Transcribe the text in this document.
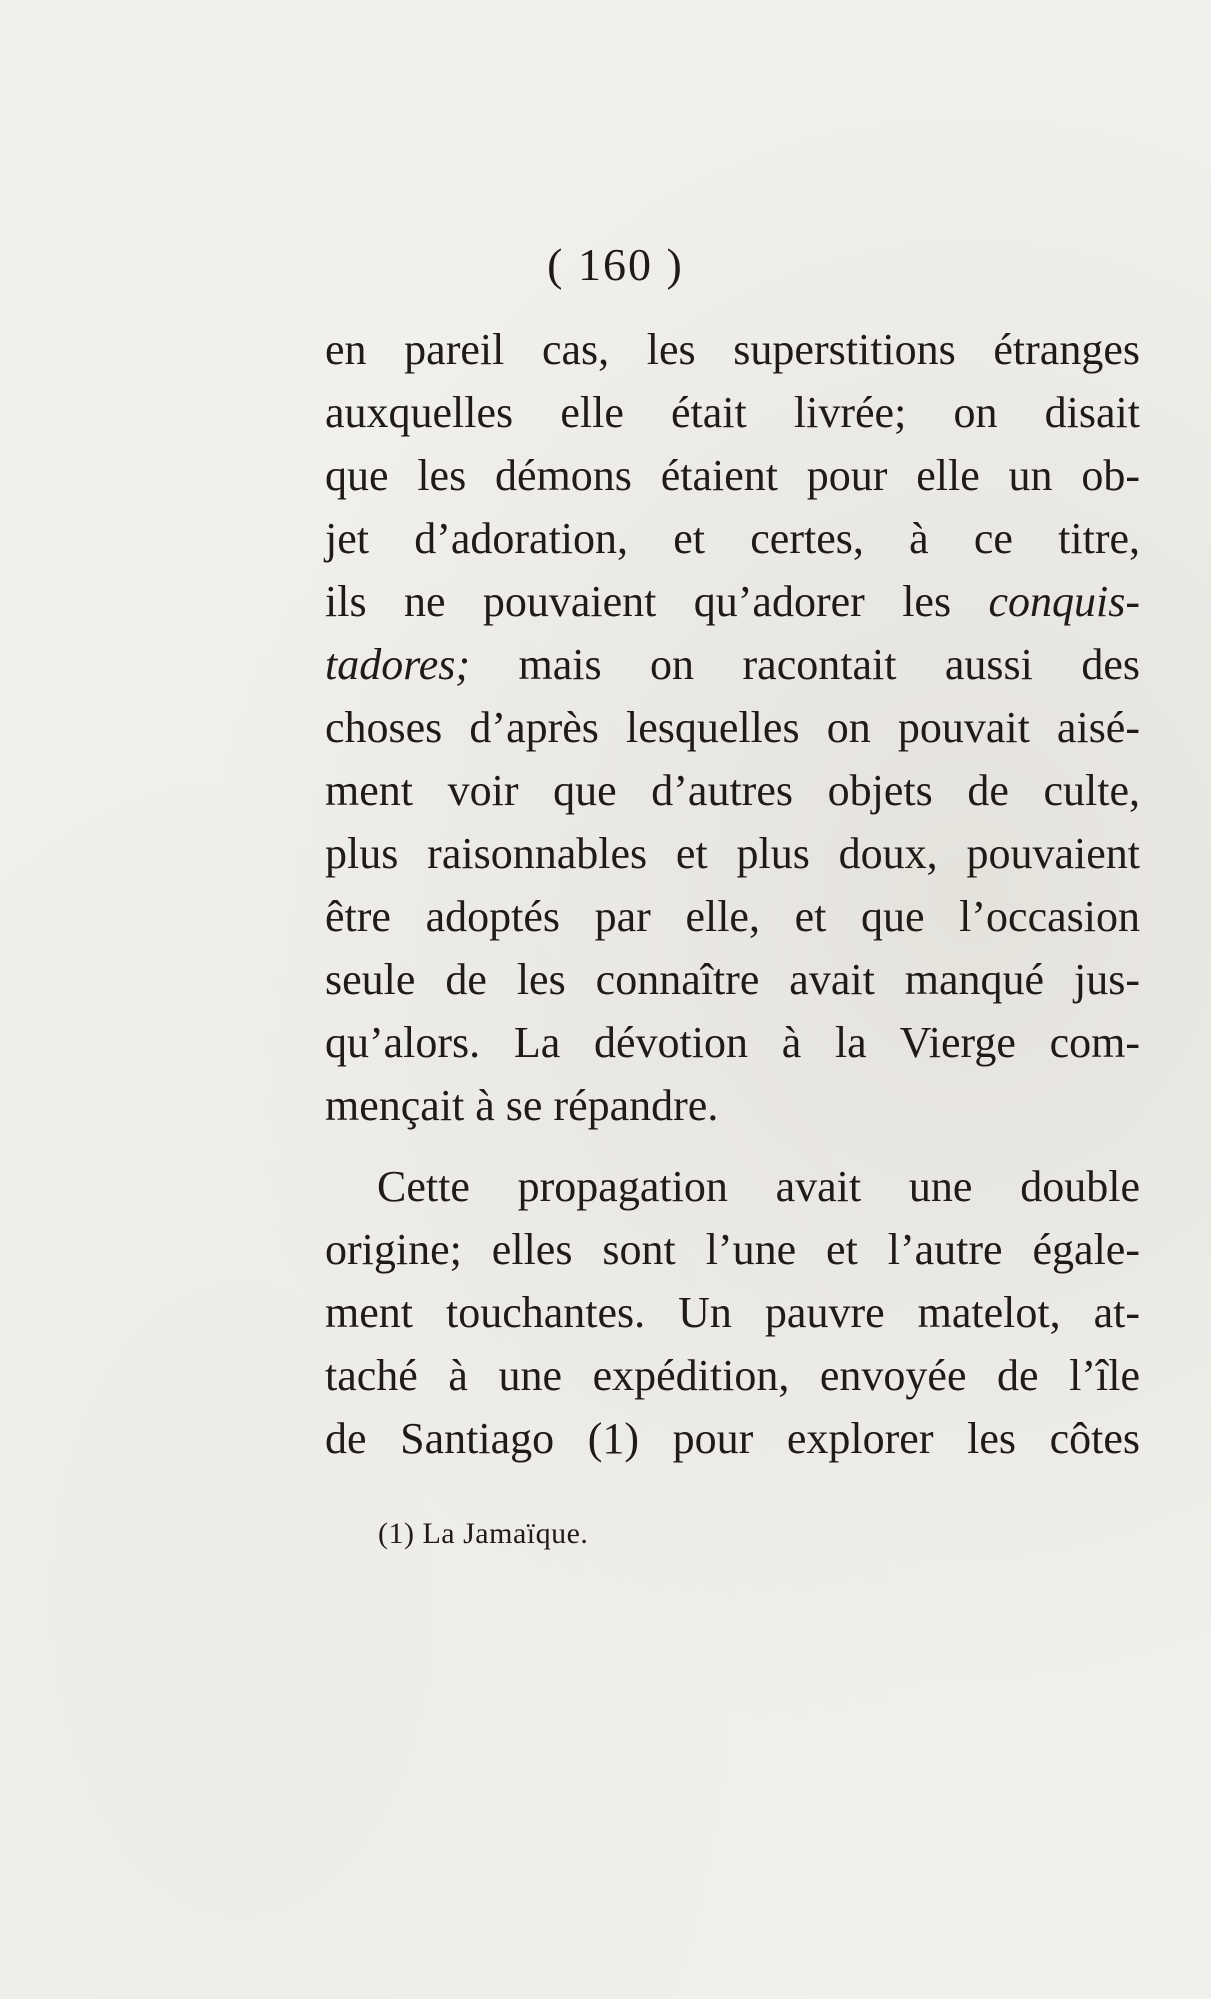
( 160 )
en pareil cas, les superstitions étranges
auxquelles elle était livrée; on disait
que les démons étaient pour elle un ob-
jet d’adoration, et certes, à ce titre,
ils ne pouvaient qu’adorer les conquis-
tadores; mais on racontait aussi des
choses d’après lesquelles on pouvait aisé-
ment voir que d’autres objets de culte,
plus raisonnables et plus doux, pouvaient
être adoptés par elle, et que l’occasion
seule de les connaître avait manqué jus-
qu’alors. La dévotion à la Vierge com-
mençait à se répandre.
Cette propagation avait une double
origine; elles sont l’une et l’autre égale-
ment touchantes. Un pauvre matelot, at-
taché à une expédition, envoyée de l’île
de Santiago (1) pour explorer les côtes
(1) La Jamaïque.
